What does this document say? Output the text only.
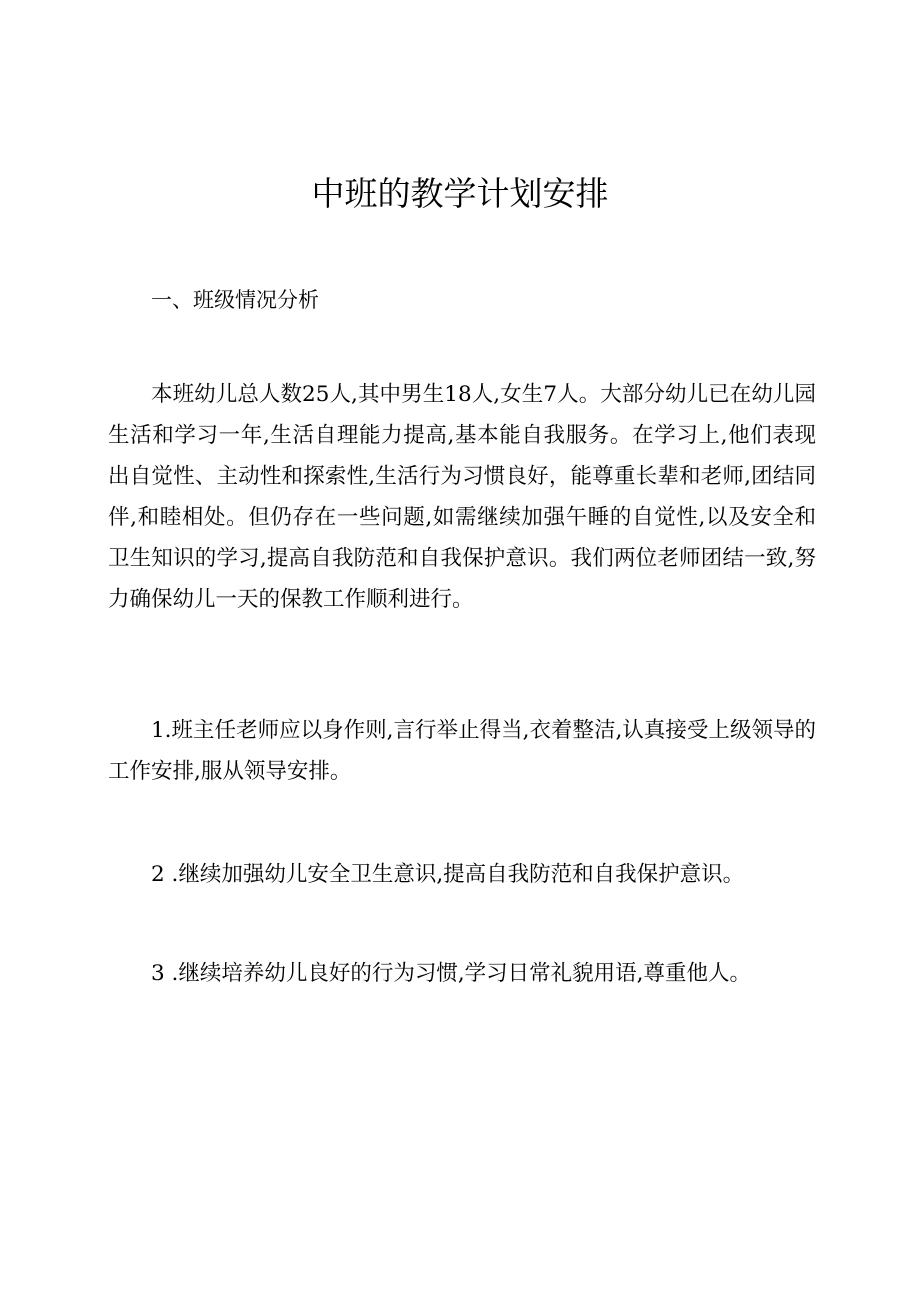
中班的教学计划安排

一、班级情况分析

本班幼儿总人数25人,其中男生18人,女生7人。大部分幼儿已在幼儿园生活和学习一年,生活自理能力提高,基本能自我服务。在学习上,他们表现出自觉性、主动性和探索性,生活行为习惯良好，能尊重长辈和老师,团结同伴,和睦相处。但仍存在一些问题,如需继续加强午睡的自觉性,以及安全和卫生知识的学习,提高自我防范和自我保护意识。我们两位老师团结一致,努力确保幼儿一天的保教工作顺利进行。

1.班主任老师应以身作则,言行举止得当,衣着整洁,认真接受上级领导的工作安排,服从领导安排。

2 .继续加强幼儿安全卫生意识,提高自我防范和自我保护意识。

3 .继续培养幼儿良好的行为习惯,学习日常礼貌用语,尊重他人。
